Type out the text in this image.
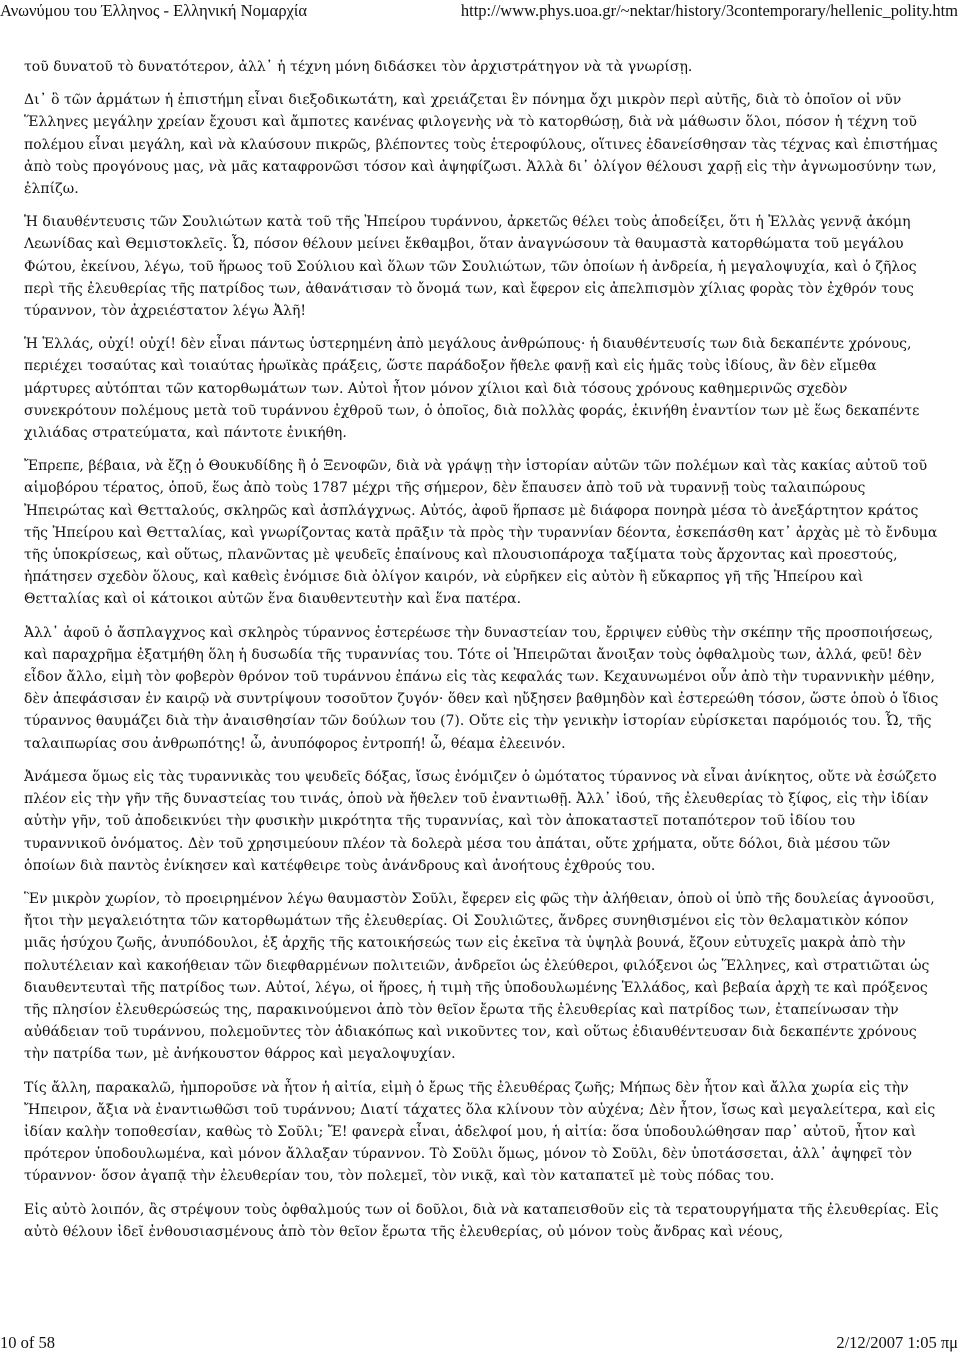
Ανωνύμου του Έλληνος - Ελληνική Νομαρχία	http://www.phys.uoa.gr/~nektar/history/3contemporary/hellenic_polity.htm

τοῦ δυνατοῦ τὸ δυνατότερον, ἀλλ᾽ ἡ τέχνη μόνη διδάσκει τὸν ἀρχιστράτηγον νὰ τὰ γνωρίσῃ.

Δι᾽ ὃ τῶν ἁρμάτων ἡ ἐπιστήμη εἶναι διεξοδικωτάτη, καὶ χρειάζεται ἓν πόνημα ὄχι μικρὸν περὶ αὐτῆς, διὰ τὸ ὁποῖον οἱ νῦν Ἕλληνες μεγάλην χρείαν ἔχουσι καὶ ἄμποτες κανένας φιλογενὴς νὰ τὸ κατορθώσῃ, διὰ νὰ μάθωσιν ὅλοι, πόσον ἡ τέχνη τοῦ πολέμου εἶναι μεγάλη, καὶ νὰ κλαύσουν πικρῶς, βλέποντες τοὺς ἑτεροφύλους, οἵτινες ἐδανείσθησαν τὰς τέχνας καὶ ἐπιστήμας ἀπὸ τοὺς προγόνους μας, νὰ μᾶς καταφρονῶσι τόσον καὶ ἀψηφίζωσι. Ἀλλὰ δι᾽ ὀλίγον θέλουσι χαρῇ εἰς τὴν ἀγνωμοσύνην των, ἐλπίζω.

Ἡ διαυθέντευσις τῶν Σουλιώτων κατὰ τοῦ τῆς Ἠπείρου τυράννου, ἀρκετῶς θέλει τοὺς ἀποδείξει, ὅτι ἡ Ἑλλὰς γεννᾷ ἀκόμη Λεωνίδας καὶ Θεμιστοκλεῖς. Ὦ, πόσον θέλουν μείνει ἔκθαμβοι, ὅταν ἀναγνώσουν τὰ θαυμαστὰ κατορθώματα τοῦ μεγάλου Φώτου, ἐκείνου, λέγω, τοῦ ἥρωος τοῦ Σούλιου καὶ ὅλων τῶν Σουλιώτων, τῶν ὁποίων ἡ ἀνδρεία, ἡ μεγαλοψυχία, καὶ ὁ ζῆλος περὶ τῆς ἐλευθερίας τῆς πατρίδος των, ἀθανάτισαν τὸ ὄνομά των, καὶ ἔφερον εἰς ἀπελπισμὸν χίλιας φορὰς τὸν ἐχθρόν τους τύραννον, τὸν ἀχρειέστατον λέγω Ἀλῆ!

Ἡ Ἑλλάς, οὐχί! οὐχί! δὲν εἶναι πάντως ὑστερημένη ἀπὸ μεγάλους ἀνθρώπους· ἡ διαυθέντευσίς των διὰ δεκαπέντε χρόνους, περιέχει τοσαύτας καὶ τοιαύτας ἡρωϊκὰς πράξεις, ὥστε παράδοξον ἤθελε φανῇ καὶ εἰς ἡμᾶς τοὺς ἰδίους, ἂν δὲν εἴμεθα μάρτυρες αὐτόπται τῶν κατορθωμάτων των. Αὐτοὶ ἦτον μόνον χίλιοι καὶ διὰ τόσους χρόνους καθημερινῶς σχεδὸν συνεκρότουν πολέμους μετὰ τοῦ τυράννου ἐχθροῦ των, ὁ ὁποῖος, διὰ πολλὰς φοράς, ἐκινήθη ἐναντίον των μὲ ἕως δεκαπέντε χιλιάδας στρατεύματα, καὶ πάντοτε ἐνικήθη.

Ἔπρεπε, βέβαια, νὰ ἔζῃ ὁ Θουκυδίδης ἢ ὁ Ξενοφῶν, διὰ νὰ γράψῃ τὴν ἱστορίαν αὐτῶν τῶν πολέμων καὶ τὰς κακίας αὐτοῦ τοῦ αἱμοβόρου τέρατος, ὁποῦ, ἕως ἀπὸ τοὺς 1787 μέχρι τῆς σήμερον, δὲν ἔπαυσεν ἀπὸ τοῦ νὰ τυραννῇ τοὺς ταλαιπώρους Ἠπειρώτας καὶ Θετταλούς, σκληρῶς καὶ ἀσπλάγχνως. Αὐτός, ἀφοῦ ἥρπασε μὲ διάφορα πονηρὰ μέσα τὸ ἀνεξάρτητον κράτος τῆς Ἠπείρου καὶ Θετταλίας, καὶ γνωρίζοντας κατὰ πρᾶξιν τὰ πρὸς τὴν τυραννίαν δέοντα, ἐσκεπάσθη κατ᾽ ἀρχὰς μὲ τὸ ἔνδυμα τῆς ὑποκρίσεως, καὶ οὕτως, πλανῶντας μὲ ψευδεῖς ἐπαίνους καὶ πλουσιοπάροχα ταξίματα τοὺς ἄρχοντας καὶ προεστούς, ἠπάτησεν σχεδὸν ὅλους, καὶ καθεὶς ἐνόμισε διὰ ὀλίγον καιρόν, νὰ εὑρῆκεν εἰς αὐτὸν ἢ εὔκαρπος γῆ τῆς Ἠπείρου καὶ Θετταλίας καὶ οἱ κάτοικοι αὐτῶν ἕνα διαυθεντευτὴν καὶ ἕνα πατέρα.

Ἀλλ᾽ ἀφοῦ ὁ ἄσπλαγχνος καὶ σκληρὸς τύραννος ἐστερέωσε τὴν δυναστείαν του, ἔρριψεν εὐθὺς τὴν σκέπην τῆς προσποιήσεως, καὶ παραχρῆμα ἐξατμήθη ὅλη ἡ δυσωδία τῆς τυραννίας του. Τότε οἱ Ἠπειρῶται ἄνοιξαν τοὺς ὀφθαλμοὺς των, ἀλλά, φεῦ! δὲν εἶδον ἄλλο, εἰμὴ τὸν φοβερὸν θρόνον τοῦ τυράννου ἐπάνω εἰς τὰς κεφαλάς των. Κεχαυνωμένοι οὖν ἀπὸ τὴν τυραννικὴν μέθην, δὲν ἀπεφάσισαν ἐν καιρῷ νὰ συντρίψουν τοσοῦτον ζυγόν· ὅθεν καὶ ηὔξησεν βαθμηδὸν καὶ ἐστερεώθη τόσον, ὥστε ὁποὺ ὁ ἴδιος τύραννος θαυμάζει διὰ τὴν ἀναισθησίαν τῶν δούλων του (7). Οὔτε εἰς τὴν γενικὴν ἱστορίαν εὑρίσκεται παρόμοιός του. Ὦ, τῆς ταλαιπωρίας σου ἀνθρωπότης! ὦ, ἀνυπόφορος ἐντροπή! ὦ, θέαμα ἐλεεινόν.

Ἀνάμεσα ὅμως εἰς τὰς τυραννικὰς του ψευδεῖς δόξας, ἴσως ἐνόμιζεν ὁ ὠμότατος τύραννος νὰ εἶναι ἀνίκητος, οὔτε νὰ ἐσώζετο πλέον εἰς τὴν γῆν τῆς δυναστείας του τινάς, ὁποὺ νὰ ἤθελεν τοῦ ἐναντιωθῇ. Ἀλλ᾽ ἰδού, τῆς ἐλευθερίας τὸ ξίφος, εἰς τὴν ἰδίαν αὐτὴν γῆν, τοῦ ἀποδεικνύει τὴν φυσικὴν μικρότητα τῆς τυραννίας, καὶ τὸν ἀποκαταστεῖ ποταπότερον τοῦ ἰδίου του τυραννικοῦ ὀνόματος. Δὲν τοῦ χρησιμεύουν πλέον τὰ δολερὰ μέσα του ἀπάται, οὔτε χρήματα, οὔτε δόλοι, διὰ μέσου τῶν ὁποίων διὰ παντὸς ἐνίκησεν καὶ κατέφθειρε τοὺς ἀνάνδρους καὶ ἀνοήτους ἐχθρούς του.

Ἓν μικρὸν χωρίον, τὸ προειρημένον λέγω θαυμαστὸν Σοῦλι, ἔφερεν εἰς φῶς τὴν ἀλήθειαν, ὁποὺ οἱ ὑπὸ τῆς δουλείας ἀγνοοῦσι, ἤτοι τὴν μεγαλειότητα τῶν κατορθωμάτων τῆς ἐλευθερίας. Οἱ Σουλιῶτες, ἄνδρες συνηθισμένοι εἰς τὸν θελαματικὸν κόπον μιᾶς ἡσύχου ζωῆς, ἀνυπόδουλοι, ἐξ ἀρχῆς τῆς κατοικήσεώς των εἰς ἐκεῖνα τὰ ὑψηλὰ βουνά, ἔζουν εὐτυχεῖς μακρὰ ἀπὸ τὴν πολυτέλειαν καὶ κακοήθειαν τῶν διεφθαρμένων πολιτειῶν, ἀνδρεῖοι ὡς ἐλεύθεροι, φιλόξενοι ὡς Ἕλληνες, καὶ στρατιῶται ὡς διαυθεντευταὶ τῆς πατρίδος των. Αὐτοί, λέγω, οἱ ἥροες, ἡ τιμὴ τῆς ὑποδουλωμένης Ἑλλάδος, καὶ βεβαία ἀρχὴ τε καὶ πρόξενος τῆς πλησίον ἐλευθερώσεώς της, παρακινούμενοι ἀπὸ τὸν θεῖον ἔρωτα τῆς ἐλευθερίας καὶ πατρίδος των, ἐταπείνωσαν τὴν αὐθάδειαν τοῦ τυράννου, πολεμοῦντες τὸν ἀδιακόπως καὶ νικοῦντες τον, καὶ οὕτως ἐδιαυθέντευσαν διὰ δεκαπέντε χρόνους τὴν πατρίδα των, μὲ ἀνήκουστον θάρρος καὶ μεγαλοψυχίαν.

Τίς ἄλλη, παρακαλῶ, ἠμποροῦσε νὰ ἦτον ἡ αἰτία, εἰμὴ ὁ ἔρως τῆς ἐλευθέρας ζωῆς; Μήπως δὲν ἦτον καὶ ἄλλα χωρία εἰς τὴν Ἤπειρον, ἄξια νὰ ἐναντιωθῶσι τοῦ τυράννου; Διατί τάχατες ὅλα κλίνουν τὸν αὐχένα; Δὲν ἦτον, ἴσως καὶ μεγαλείτερα, καὶ εἰς ἰδίαν καλὴν τοποθεσίαν, καθὼς τὸ Σοῦλι; Ἔ! φανερὰ εἶναι, ἀδελφοί μου, ἡ αἰτία: ὅσα ὑποδουλώθησαν παρ᾽ αὐτοῦ, ἦτον καὶ πρότερον ὑποδουλωμένα, καὶ μόνον ἄλλαξαν τύραννον. Τὸ Σοῦλι ὅμως, μόνον τὸ Σοῦλι, δὲν ὑποτάσσεται, ἀλλ᾽ ἀψηφεῖ τὸν τύραννον· ὅσον ἀγαπᾷ τὴν ἐλευθερίαν του, τὸν πολεμεῖ, τὸν νικᾷ, καὶ τὸν καταπατεῖ μὲ τοὺς πόδας του.

Εἰς αὐτὸ λοιπόν, ἂς στρέψουν τοὺς ὀφθαλμούς των οἱ δοῦλοι, διὰ νὰ καταπεισθοῦν εἰς τὰ τερατουργήματα τῆς ἐλευθερίας. Εἰς αὐτὸ θέλουν ἰδεῖ ἐνθουσιασμένους ἀπὸ τὸν θεῖον ἔρωτα τῆς ἐλευθερίας, οὐ μόνον τοὺς ἄνδρας καὶ νέους,

10 of 58	2/12/2007 1:05 πμ
